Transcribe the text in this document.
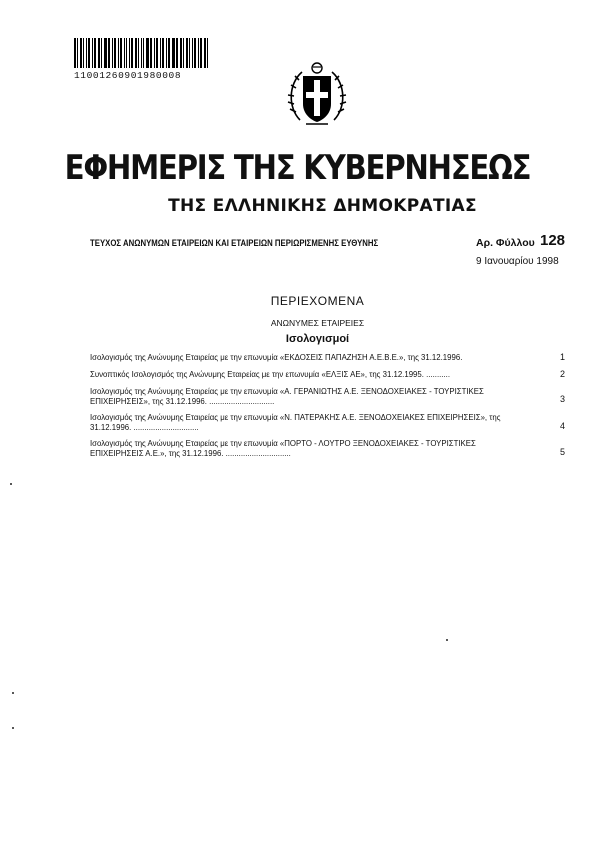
11001260901980008
ΕΦΗΜΕΡΙΣ ΤΗΣ ΚΥΒΕΡΝΗΣΕΩΣ
ΤΗΣ ΕΛΛΗΝΙΚΗΣ ΔΗΜΟΚΡΑΤΙΑΣ
ΤΕΥΧΟΣ ΑΝΩΝΥΜΩΝ ΕΤΑΙΡΕΙΩΝ ΚΑΙ ΕΤΑΙΡΕΙΩΝ ΠΕΡΙΩΡΙΣΜΕΝΗΣ ΕΥΘΥΝΗΣ	Αρ. Φύλλου 128
9 Ιανουαρίου 1998
ΠΕΡΙΕΧΟΜΕΝΑ
ΑΝΩΝΥΜΕΣ ΕΤΑΙΡΕΙΕΣ
Ισολογισμοί
Ισολογισμός της Ανώνυμης Εταιρείας με την επωνυμία «ΕΚΔΟΣΕΙΣ ΠΑΠΑΖΗΣΗ Α.Ε.Β.Ε.», της 31.12.1996.	1
Συνοπτικός Ισολογισμός της Ανώνυμης Εταιρείας με την επωνυμία «ΕΛΞΙΣ ΑΕ», της 31.12.1995. ...........	2
Ισολογισμός της Ανώνυμης Εταιρείας με την επωνυμία «Α. ΓΕΡΑΝΙΩΤΗΣ Α.Ε. ΞΕΝΟΔΟΧΕΙΑΚΕΣ - ΤΟΥΡΙΣΤΙΚΕΣ ΕΠΙΧΕΙΡΗΣΕΙΣ», της 31.12.1996. ..............................	3
Ισολογισμός της Ανώνυμης Εταιρείας με την επωνυμία «Ν. ΠΑΤΕΡΑΚΗΣ Α.Ε. ΞΕΝΟΔΟΧΕΙΑΚΕΣ ΕΠΙΧΕΙΡΗΣΕΙΣ», της 31.12.1996. ..............................	4
Ισολογισμός της Ανώνυμης Εταιρείας με την επωνυμία «ΠΟΡΤΟ - ΛΟΥΤΡΟ ΞΕΝΟΔΟΧΕΙΑΚΕΣ - ΤΟΥΡΙΣΤΙΚΕΣ ΕΠΙΧΕΙΡΗΣΕΙΣ Α.Ε.», της 31.12.1996. ..............................	5
